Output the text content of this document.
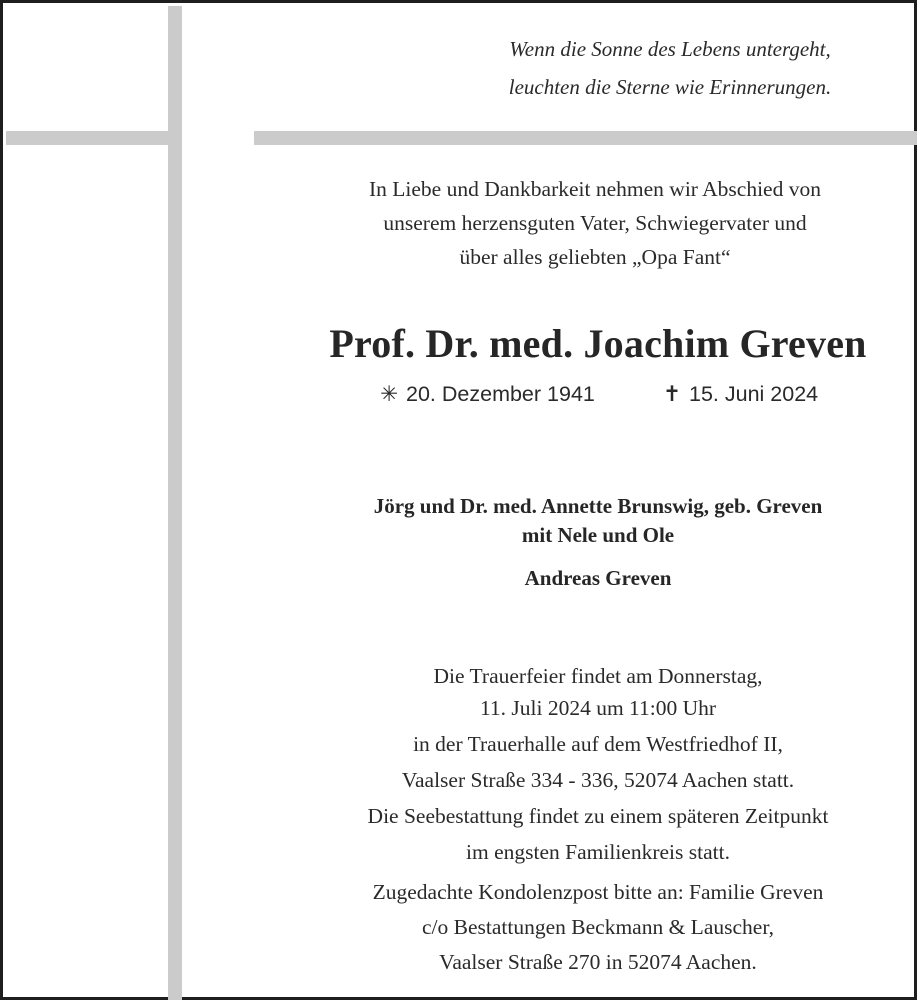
Wenn die Sonne des Lebens untergeht,
leuchten die Sterne wie Erinnerungen.
In Liebe und Dankbarkeit nehmen wir Abschied von
unserem herzensguten Vater, Schwiegervater und
über alles geliebten „Opa Fant“
Prof. Dr. med. Joachim Greven
✳ 20. Dezember 1941	✝ 15. Juni 2024
Jörg und Dr. med. Annette Brunswig, geb. Greven
mit Nele und Ole
Andreas Greven
Die Trauerfeier findet am Donnerstag,
11. Juli 2024 um 11:00 Uhr
in der Trauerhalle auf dem Westfriedhof II,
Vaalser Straße 334 - 336, 52074 Aachen statt.
Die Seebestattung findet zu einem späteren Zeitpunkt
im engsten Familienkreis statt.
Zugedachte Kondolenzpost bitte an: Familie Greven
c/o Bestattungen Beckmann & Lauscher,
Vaalser Straße 270 in 52074 Aachen.
